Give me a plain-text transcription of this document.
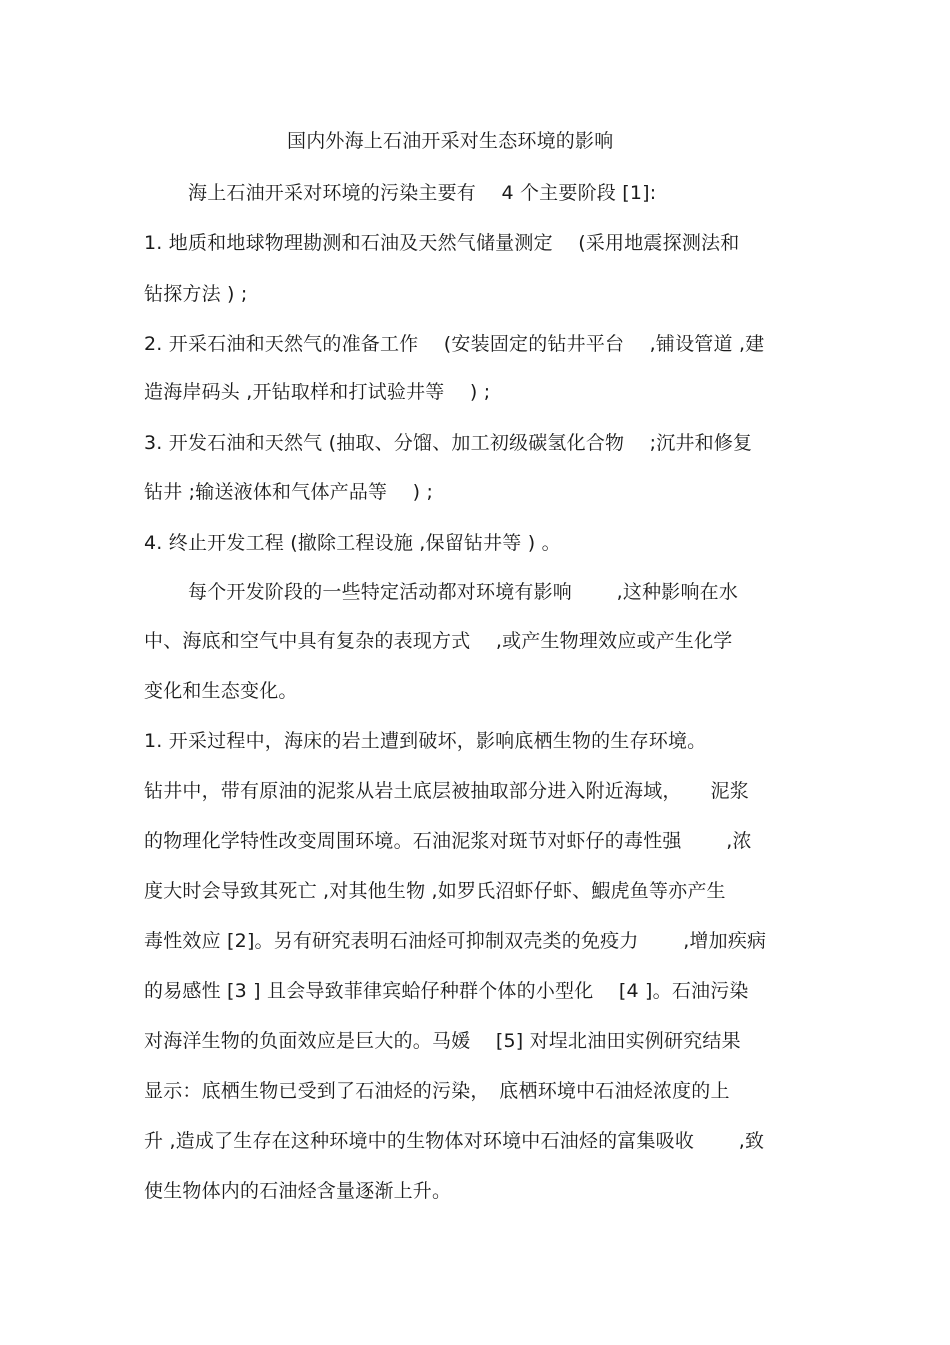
国内外海上石油开采对生态环境的影响
海上石油开采对环境的污染主要有　 4 个主要阶段 [1]:
1. 地质和地球物理勘测和石油及天然气储量测定　 (采用地震探测法和
钻探方法 ) ;
2. 开采石油和天然气的准备工作　 (安装固定的钻井平台　 ,铺设管道 ,建
造海岸码头 ,开钻取样和打试验井等　 ) ;
3. 开发石油和天然气 (抽取、分馏、加工初级碳氢化合物　 ;沉井和修复
钻井 ;输送液体和气体产品等　 ) ;
4. 终止开发工程 (撤除工程设施 ,保留钻井等 ) 。
每个开发阶段的一些特定活动都对环境有影响　　 ,这种影响在水
中、海底和空气中具有复杂的表现方式　 ,或产生物理效应或产生化学
变化和生态变化。
1. 开采过程中，海床的岩土遭到破坏，影响底栖生物的生存环境。
钻井中，带有原油的泥浆从岩土底层被抽取部分进入附近海域，　　泥浆
的物理化学特性改变周围环境。石油泥浆对斑节对虾仔的毒性强　　 ,浓
度大时会导致其死亡 ,对其他生物 ,如罗氏沼虾仔虾、鰕虎鱼等亦产生
毒性效应 [2]。另有研究表明石油烃可抑制双壳类的免疫力　　 ,增加疾病
的易感性 [3 ] 且会导致菲律宾蛤仔种群个体的小型化　 [4 ]。石油污染
对海洋生物的负面效应是巨大的。马媛　 [5] 对埕北油田实例研究结果
显示：底栖生物已受到了石油烃的污染，　底栖环境中石油烃浓度的上
升 ,造成了生存在这种环境中的生物体对环境中石油烃的富集吸收　　 ,致
使生物体内的石油烃含量逐渐上升。
